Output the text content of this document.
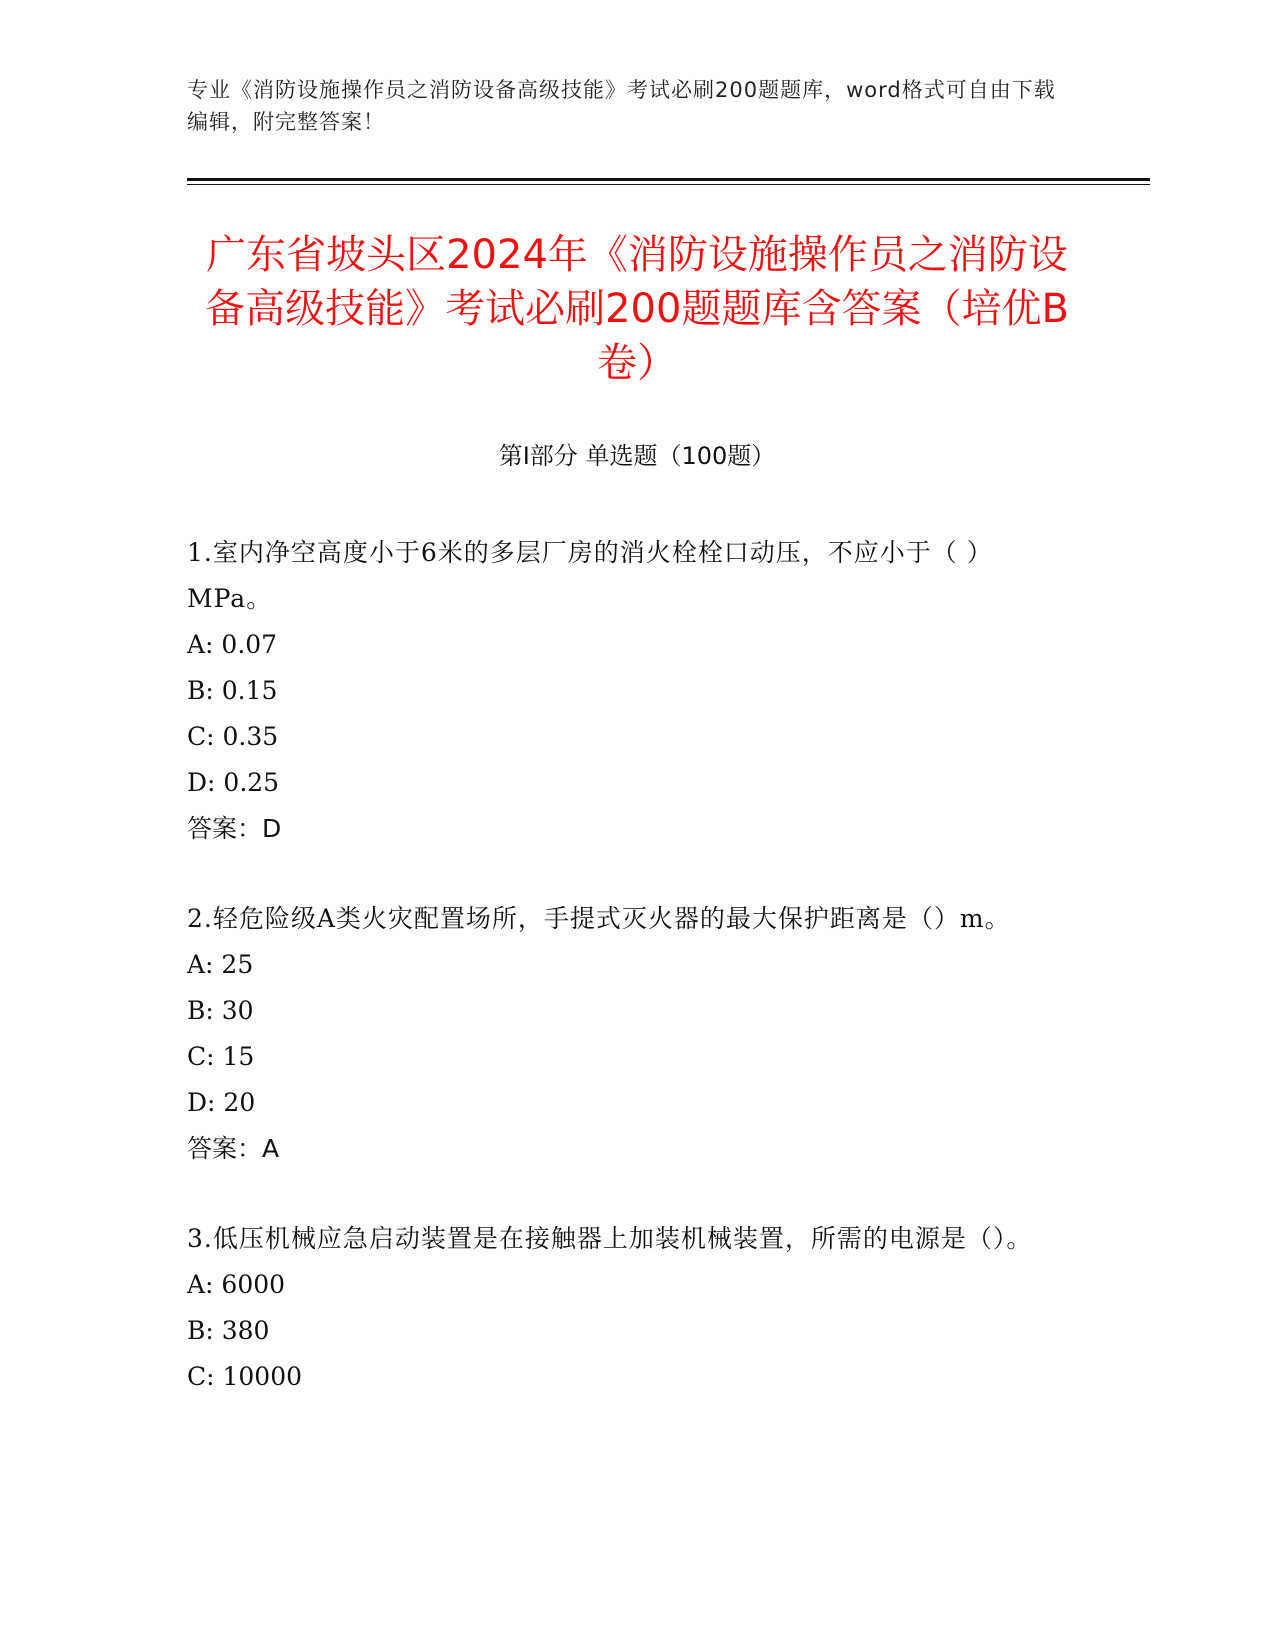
专业《消防设施操作员之消防设备高级技能》考试必刷200题题库，word格式可自由下载编辑，附完整答案！
广东省坡头区2024年《消防设施操作员之消防设备高级技能》考试必刷200题题库含答案（培优B卷）
第I部分 单选题（100题）

1.室内净空高度小于6米的多层厂房的消火栓栓口动压，不应小于（ ）MPa。

A: 0.07

B: 0.15

C: 0.35

D: 0.25

答案：D

2.轻危险级A类火灾配置场所，手提式灭火器的最大保护距离是（）m。

A: 25

B: 30

C: 15

D: 20

答案：A

3.低压机械应急启动装置是在接触器上加装机械装置，所需的电源是（）。

A: 6000

B: 380

C: 10000
